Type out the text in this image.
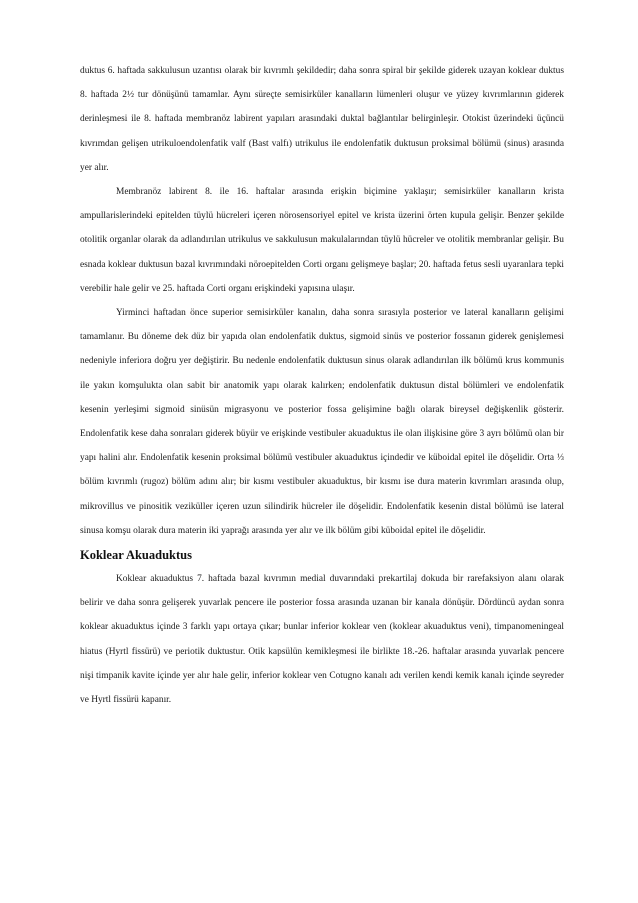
duktus 6. haftada sakkulusun uzantısı olarak bir kıvrımlı şekildedir; daha sonra spiral bir şekilde giderek uzayan koklear duktus 8. haftada 2½ tur dönüşünü tamamlar. Aynı süreçte semisirküler kanalların lümenleri oluşur ve yüzey kıvrımlarının giderek derinleşmesi ile 8. haftada membranöz labirent yapıları arasındaki duktal bağlantılar belirginleşir. Otokist üzerindeki üçüncü kıvrımdan gelişen utrikuloendolenfatik valf (Bast valfı) utrikulus ile endolenfatik duktusun proksimal bölümü (sinus) arasında yer alır.

Membranöz labirent 8. ile 16. haftalar arasında erişkin biçimine yaklaşır; semisirküler kanalların krista ampullarislerindeki epitelden tüylü hücreleri içeren nörosensoriyel epitel ve krista üzerini örten kupula gelişir. Benzer şekilde otolitik organlar olarak da adlandırılan utrikulus ve sakkulusun makulalarından tüylü hücreler ve otolitik membranlar gelişir. Bu esnada koklear duktusun bazal kıvrımındaki nöroepitelden Corti organı gelişmeye başlar; 20. haftada fetus sesli uyaranlara tepki verebilir hale gelir ve 25. haftada Corti organı erişkindeki yapısına ulaşır.

Yirminci haftadan önce superior semisirküler kanalın, daha sonra sırasıyla posterior ve lateral kanalların gelişimi tamamlanır. Bu döneme dek düz bir yapıda olan endolenfatik duktus, sigmoid sinüs ve posterior fossanın giderek genişlemesi nedeniyle inferiora doğru yer değiştirir. Bu nedenle endolenfatik duktusun sinus olarak adlandırılan ilk bölümü krus kommunis ile yakın komşulukta olan sabit bir anatomik yapı olarak kalırken; endolenfatik duktusun distal bölümleri ve endolenfatik kesenin yerleşimi sigmoid sinüsün migrasyonu ve posterior fossa gelişimine bağlı olarak bireysel değişkenlik gösterir. Endolenfatik kese daha sonraları giderek büyür ve erişkinde vestibuler akuaduktus ile olan ilişkisine göre 3 ayrı bölümü olan bir yapı halini alır. Endolenfatik kesenin proksimal bölümü vestibuler akuaduktus içindedir ve küboidal epitel ile döşelidir. Orta ⅓ bölüm kıvrımlı (rugoz) bölüm adını alır; bir kısmı vestibuler akuaduktus, bir kısmı ise dura materin kıvrımları arasında olup, mikrovillus ve pinositik veziküller içeren uzun silindirik hücreler ile döşelidir. Endolenfatik kesenin distal bölümü ise lateral sinusa komşu olarak dura materin iki yaprağı arasında yer alır ve ilk bölüm gibi küboidal epitel ile döşelidir.

Koklear Akuaduktus

Koklear akuaduktus 7. haftada bazal kıvrımın medial duvarındaki prekartilaj dokuda bir rarefaksiyon alanı olarak belirir ve daha sonra gelişerek yuvarlak pencere ile posterior fossa arasında uzanan bir kanala dönüşür. Dördüncü aydan sonra koklear akuaduktus içinde 3 farklı yapı ortaya çıkar; bunlar inferior koklear ven (koklear akuaduktus veni), timpanomeningeal hiatus (Hyrtl fissürü) ve periotik duktustur. Otik kapsülün kemikleşmesi ile birlikte 18.-26. haftalar arasında yuvarlak pencere nişi timpanik kavite içinde yer alır hale gelir, inferior koklear ven Cotugno kanalı adı verilen kendi kemik kanalı içinde seyreder ve Hyrtl fissürü kapanır.
